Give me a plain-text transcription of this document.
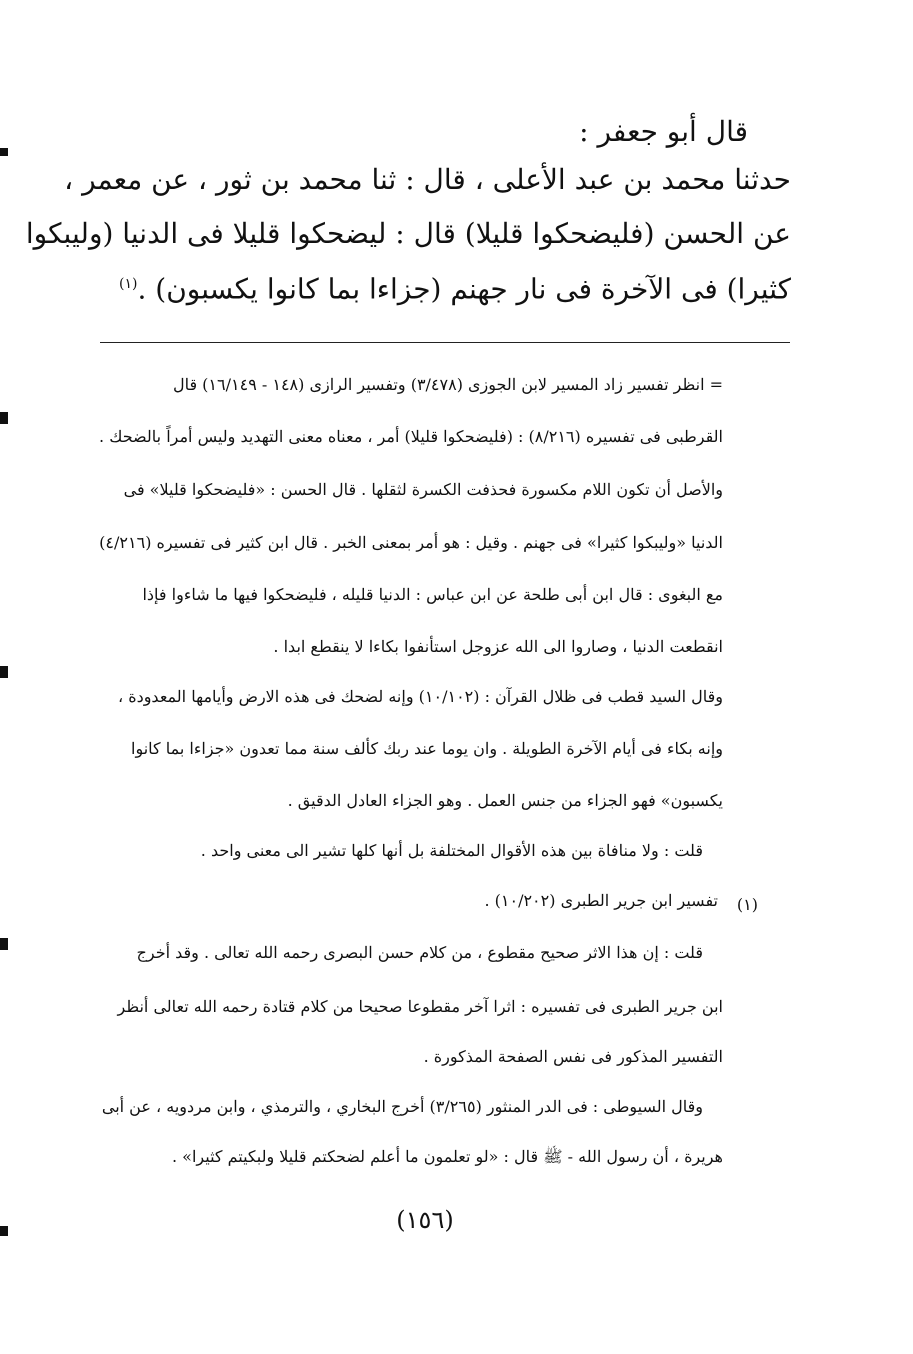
قال أبو جعفر :
حدثنا محمد بن عبد الأعلى ، قال : ثنا محمد بن ثور ، عن معمر ،
عن الحسن (فليضحكوا قليلا) قال : ليضحكوا قليلا فى الدنيا (وليبكوا
كثيرا) فى الآخرة فى نار جهنم (جزاءا بما كانوا يكسبون) .$^{(١)}$
= انظر تفسير زاد المسير لابن الجوزى (٣/٤٧٨) وتفسير الرازى (١٤٨ - ١٦/١٤٩) قال
القرطبى فى تفسيره (٨/٢١٦) : (فليضحكوا قليلا) أمر ، معناه معنى التهديد وليس أمراً بالضحك .
والأصل أن تكون اللام مكسورة فحذفت الكسرة لثقلها . قال الحسن : «فليضحكوا قليلا» فى
الدنيا «وليبكوا كثيرا» فى جهنم . وقيل : هو أمر بمعنى الخبر . قال ابن كثير فى تفسيره (٤/٢١٦)
مع البغوى : قال ابن أبى طلحة عن ابن عباس : الدنيا قليله ، فليضحكوا فيها ما شاءوا فإذا
انقطعت الدنيا ، وصاروا الى الله عزوجل استأنفوا بكاءا لا ينقطع ابدا .
وقال السيد قطب فى ظلال القرآن : (١٠/١٠٢) وإنه لضحك فى هذه الارض وأيامها المعدودة ،
وإنه بكاء فى أيام الآخرة الطويلة . وان يوما عند ربك كألف سنة مما تعدون «جزاءا بما كانوا
يكسبون» فهو الجزاء من جنس العمل . وهو الجزاء العادل الدقيق .
قلت : ولا منافاة بين هذه الأقوال المختلفة بل أنها كلها تشير الى معنى واحد .
(١)
تفسير ابن جرير الطبرى (١٠/٢٠٢) .
قلت : إن هذا الاثر صحيح مقطوع ، من كلام حسن البصرى رحمه الله تعالى . وقد أخرج
ابن جرير الطبرى فى تفسيره : اثرا آخر مقطوعا صحيحا من كلام قتادة رحمه الله تعالى أنظر
التفسير المذكور فى نفس الصفحة المذكورة .
وقال السيوطى : فى الدر المنثور (٣/٢٦٥) أخرج البخاري ، والترمذي ، وابن مردويه ، عن أبى
هريرة ، أن رسول الله - ﷺ قال : «لو تعلمون ما أعلم لضحكتم قليلا ولبكيتم كثيرا» .
(١٥٦)
